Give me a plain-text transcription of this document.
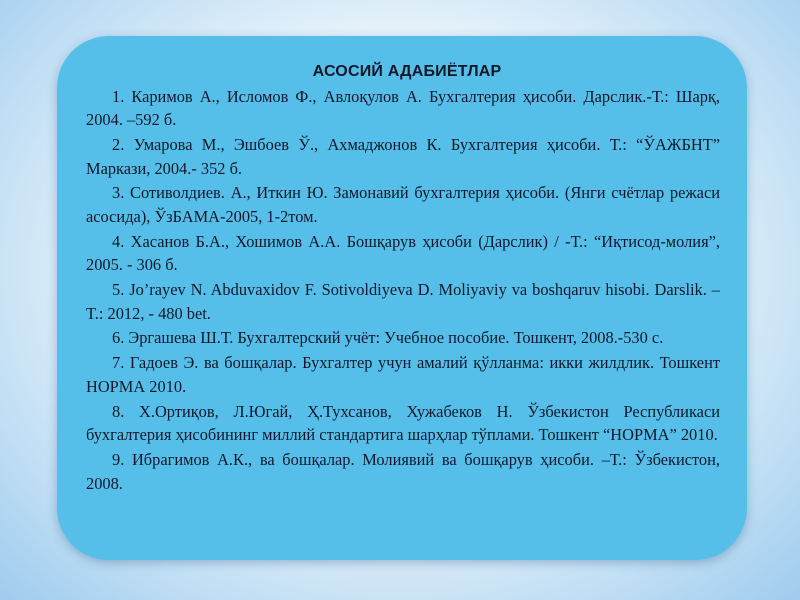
АСОСИЙ АДАБИЁТЛАР
1. Каримов А., Исломов Ф., Авлоқулов А. Бухгалтерия ҳисоби. Дарслик.-Т.: Шарқ, 2004. –592 б.
2. Умарова М., Эшбоев Ў., Ахмаджонов К. Бухгалтерия ҳисоби. Т.: “ЎАЖБНТ” Маркази, 2004.- 352 б.
3. Сотиволдиев. А., Иткин Ю. Замонавий бухгалтерия ҳисоби. (Янги счётлар режаси асосида), ЎзБАМА-2005, 1-2том.
4. Хасанов Б.А., Хошимов А.А. Бошқарув ҳисоби (Дарслик) / -Т.: “Иқтисод-молия”, 2005. - 306 б.
5. Jo’rayev N. Abduvaxidov F. Sotivoldiyeva D. Moliyaviy va boshqaruv hisobi. Darslik. –T.: 2012, - 480 bet.
6. Эргашева Ш.Т. Бухгалтерский учёт: Учебное пособие. Тошкент, 2008.-530 с.
7. Гадоев Э. ва бошқалар. Бухгалтер учун амалий қўлланма: икки жилдлик. Тошкент НОРМА 2010.
8. Х.Ортиқов, Л.Югай, Ҳ.Тухсанов, Хужабеков Н. Ўзбекистон Республикаси бухгалтерия ҳисобининг миллий стандартига шарҳлар тўплами. Тошкент “НОРМА” 2010.
9. Ибрагимов А.К., ва бошқалар. Молиявий ва бошқарув ҳисоби. –Т.: Ўзбекистон, 2008.
